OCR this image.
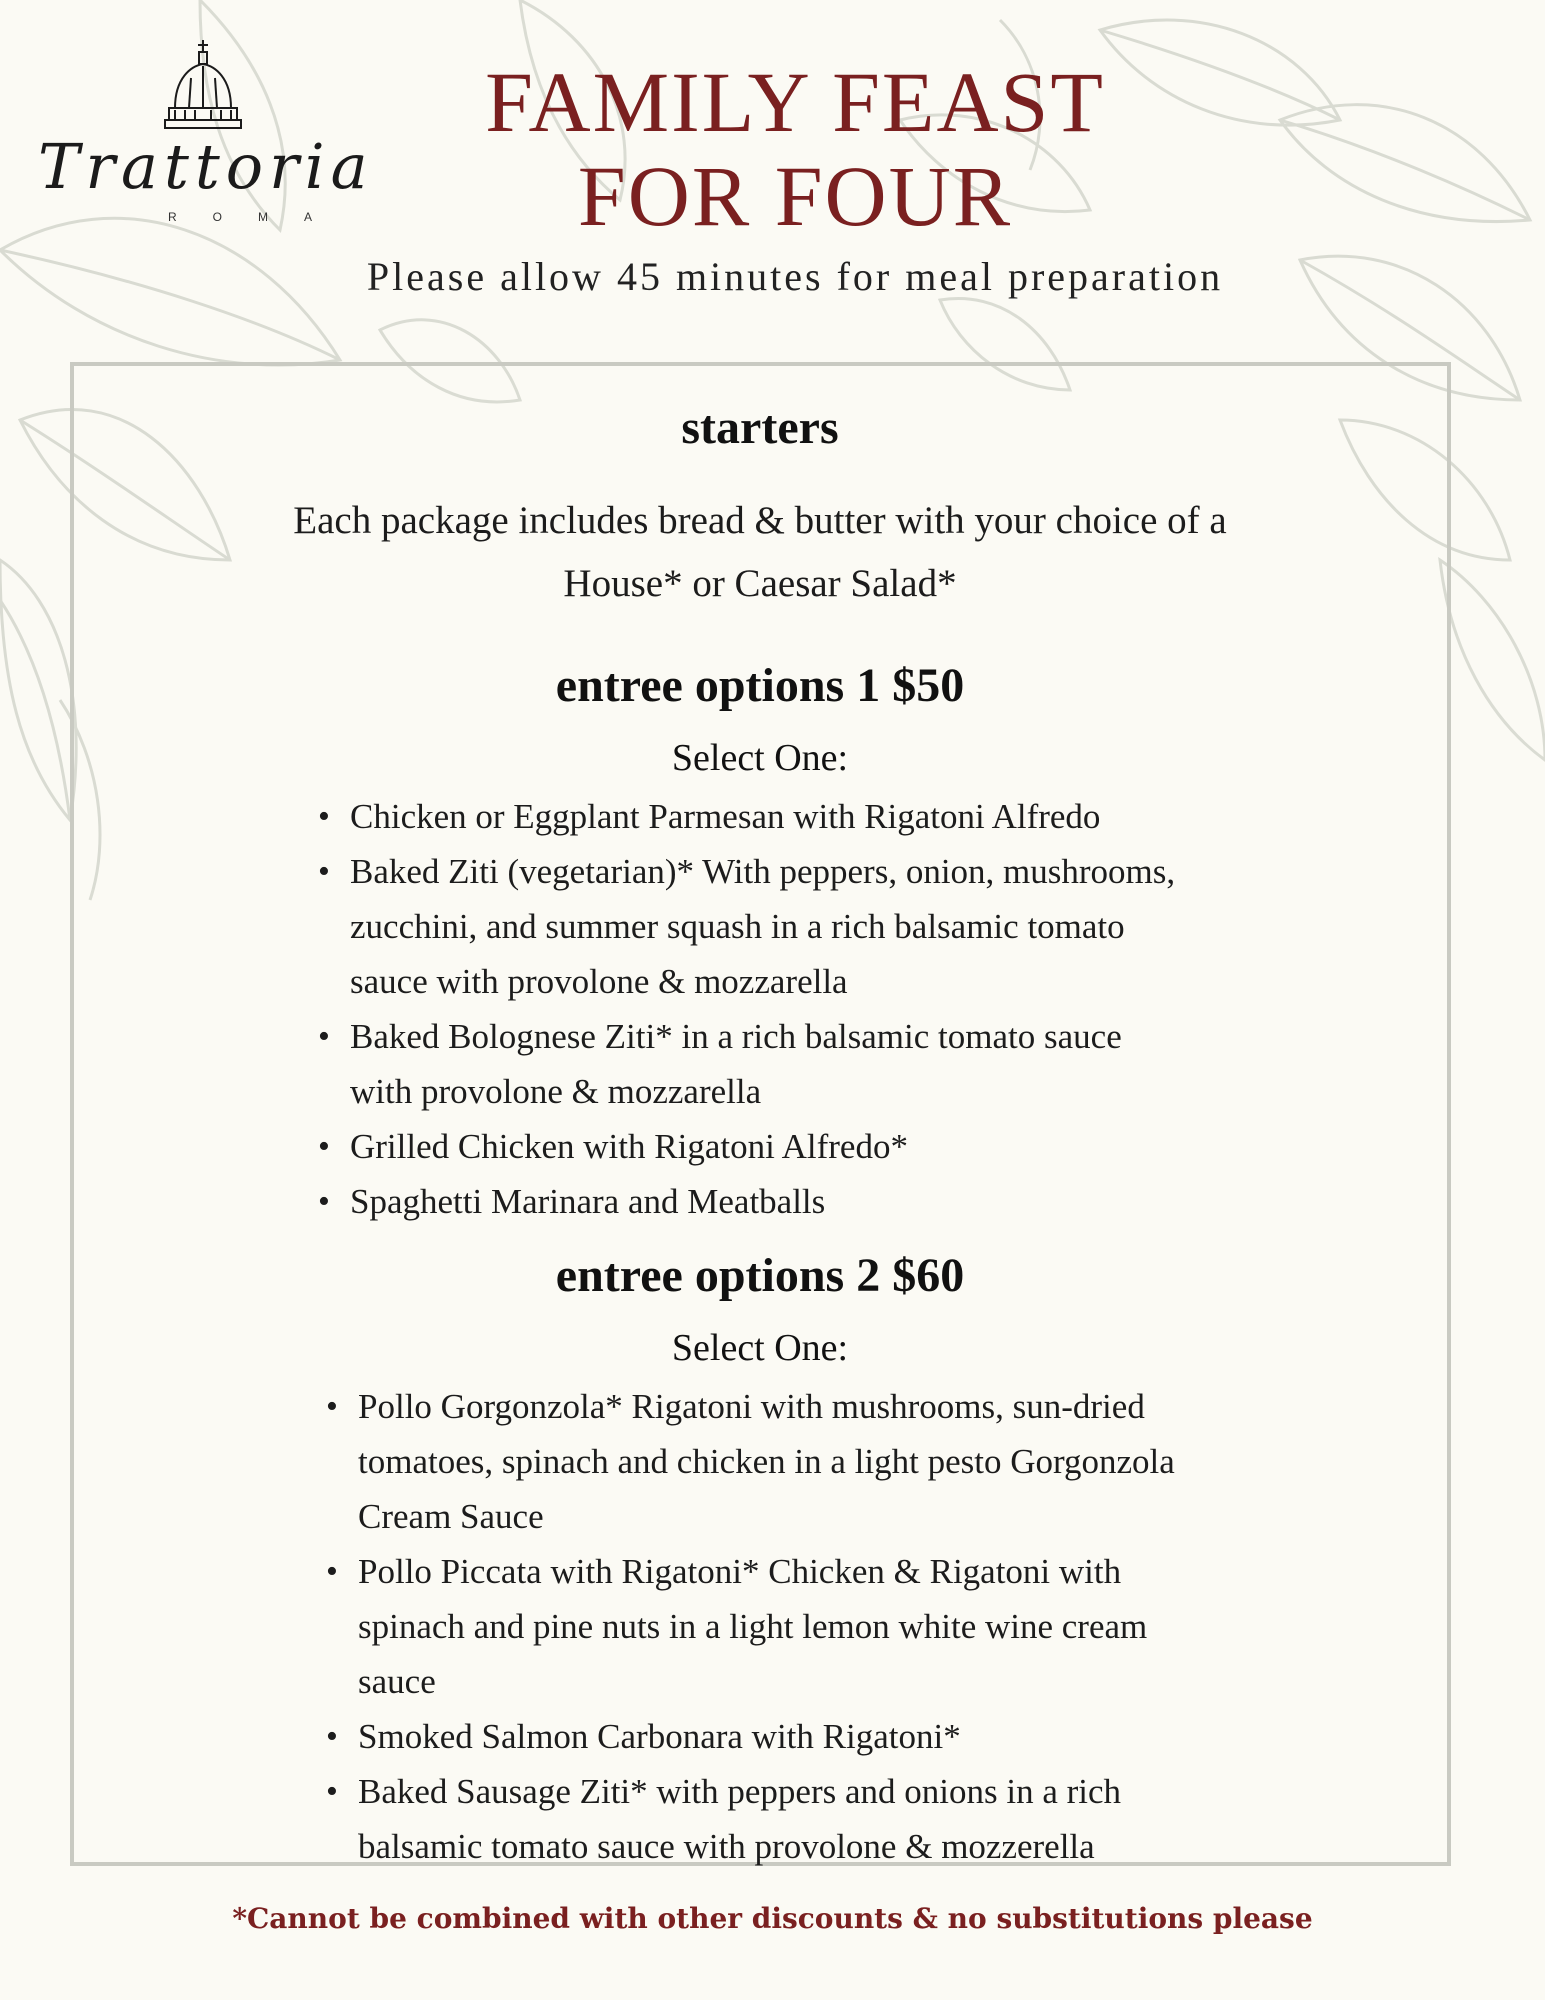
Trattoria
ROMA
FAMILY FEAST
FOR FOUR
Please allow 45 minutes for meal preparation
starters
Each package includes bread & butter with your choice of a House* or Caesar Salad*
entree options 1 $50
Select One:
• Chicken or Eggplant Parmesan with Rigatoni Alfredo
• Baked Ziti (vegetarian)* With peppers, onion, mushrooms, zucchini, and summer squash in a rich balsamic tomato sauce with provolone & mozzarella
• Baked Bolognese Ziti* in a rich balsamic tomato sauce with provolone & mozzarella
• Grilled Chicken with Rigatoni Alfredo*
• Spaghetti Marinara and Meatballs
entree options 2 $60
Select One:
• Pollo Gorgonzola* Rigatoni with mushrooms, sun-dried tomatoes, spinach and chicken in a light pesto Gorgonzola Cream Sauce
• Pollo Piccata with Rigatoni* Chicken & Rigatoni with spinach and pine nuts in a light lemon white wine cream sauce
• Smoked Salmon Carbonara with Rigatoni*
• Baked Sausage Ziti* with peppers and onions in a rich balsamic tomato sauce with provolone & mozzerella
*Cannot be combined with other discounts & no substitutions please
